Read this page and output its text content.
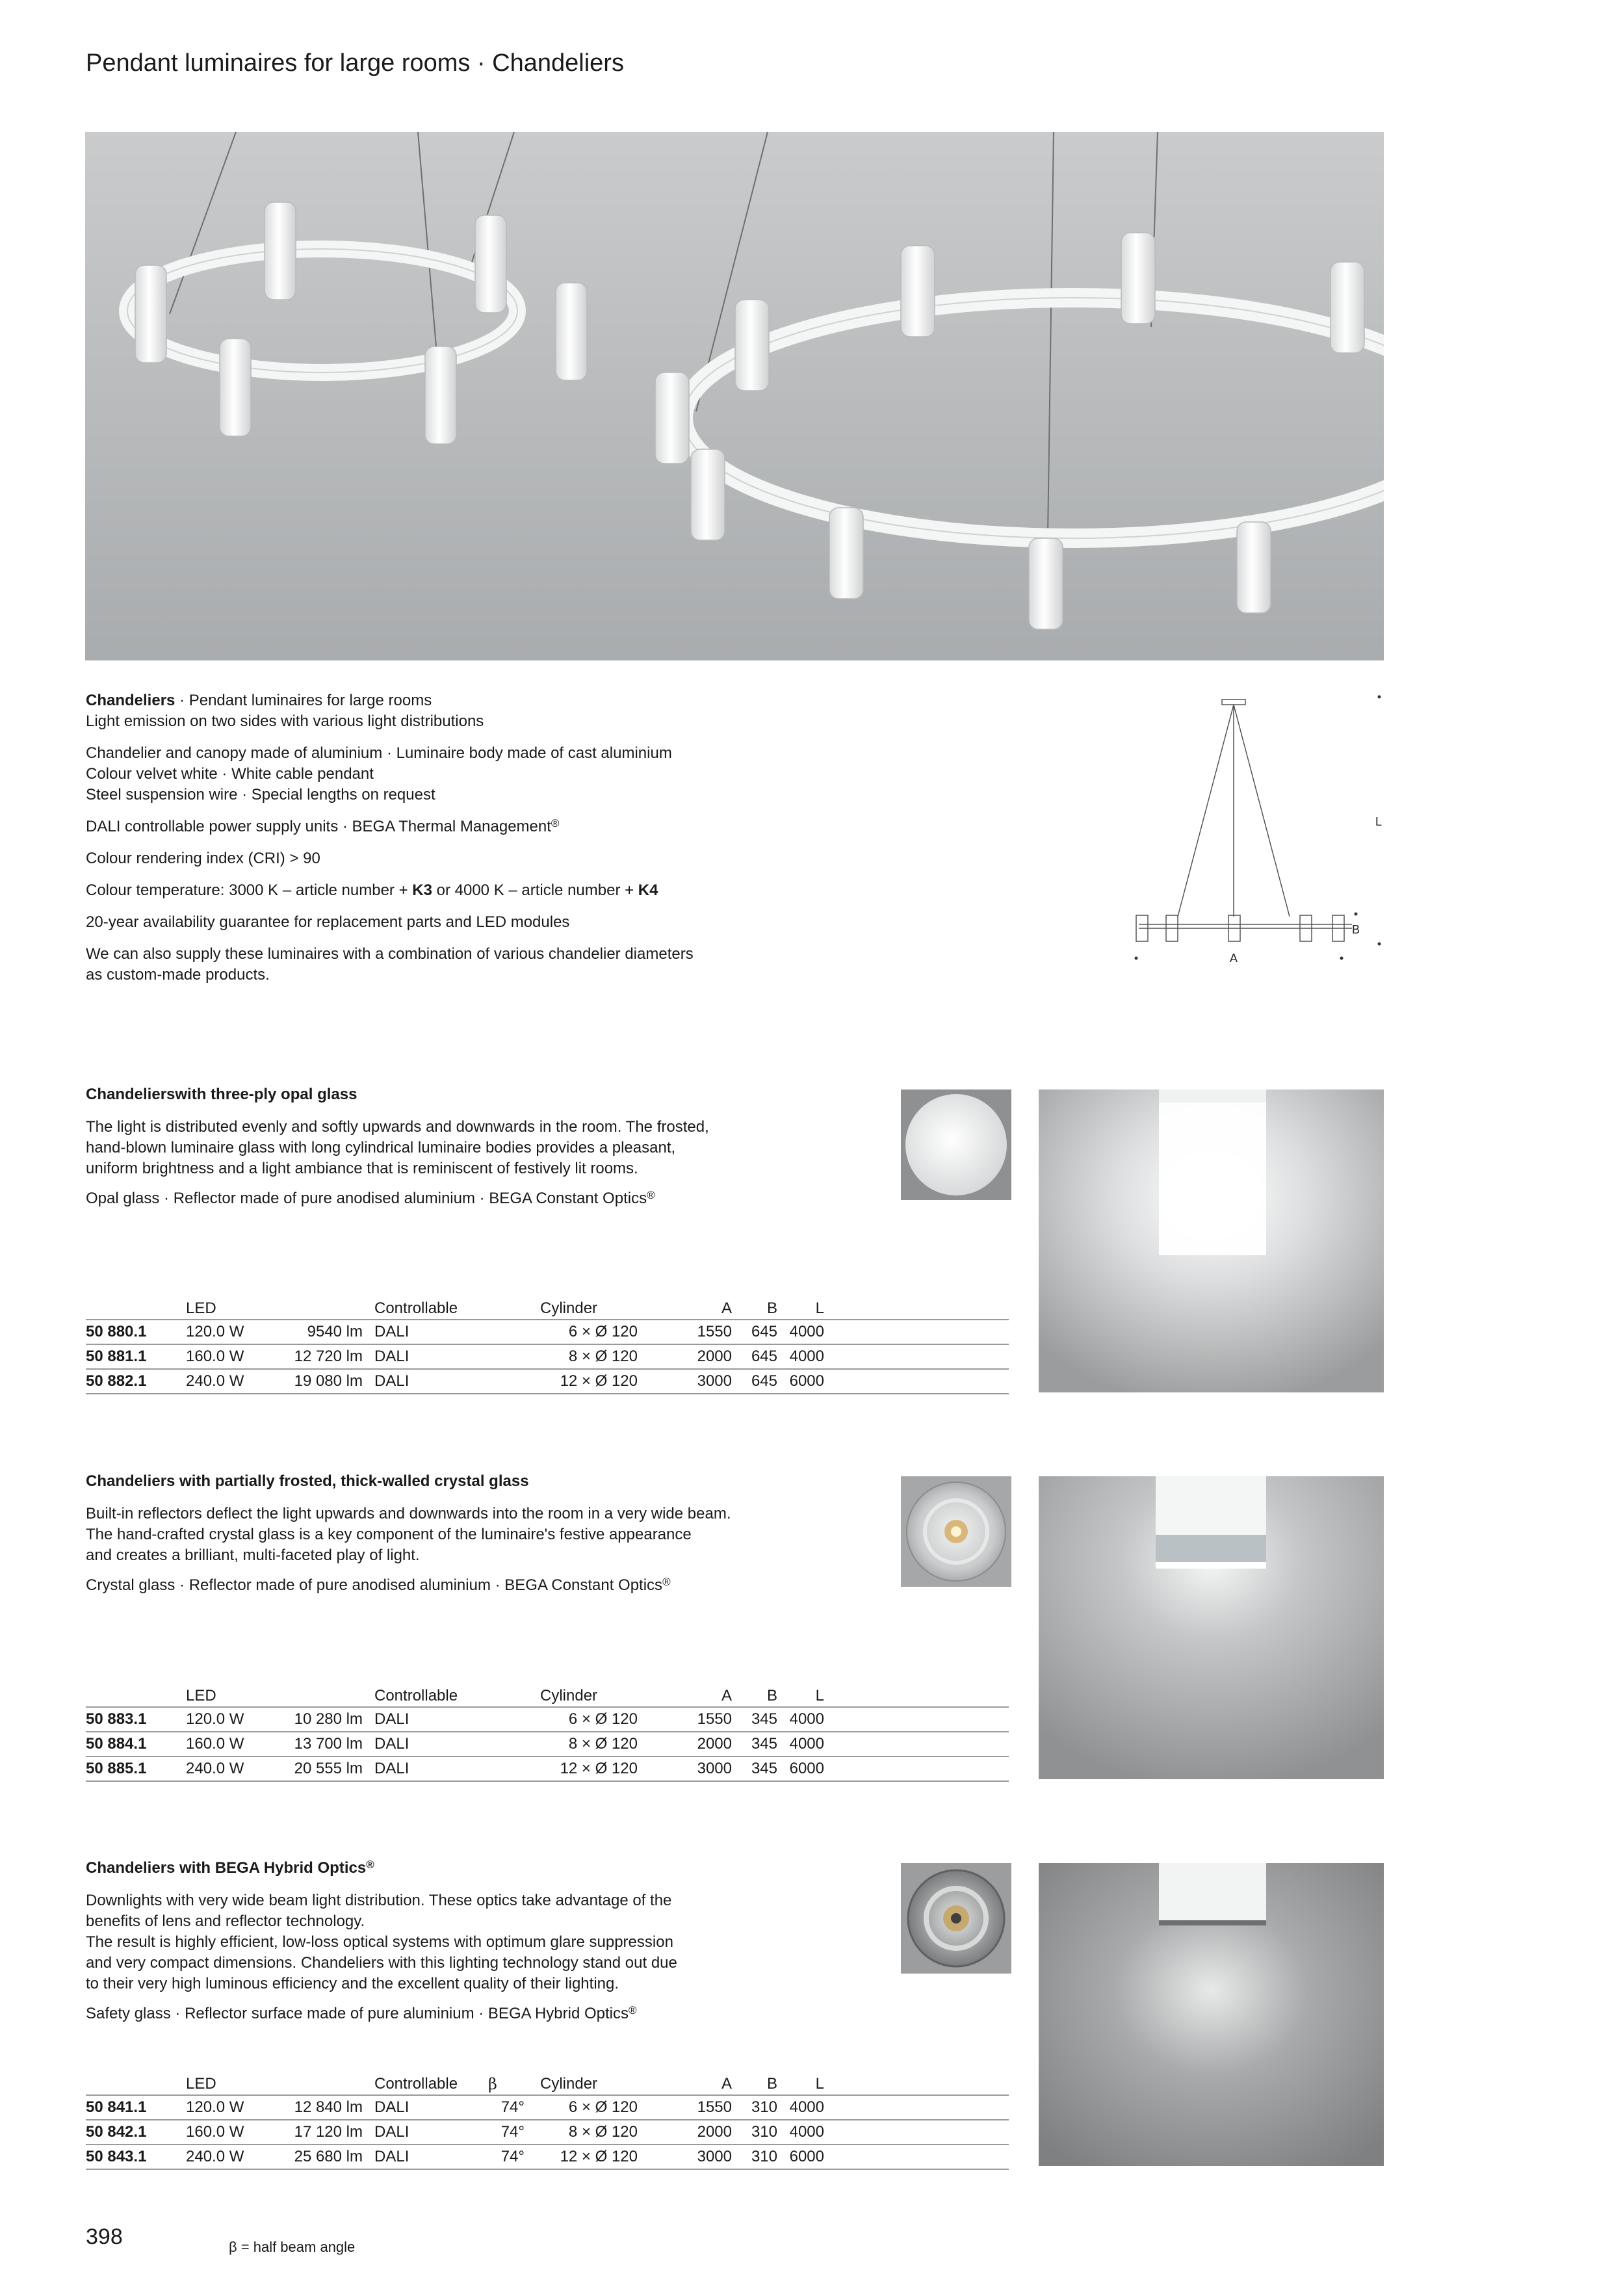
Pendant luminaires for large rooms · Chandeliers

Chandeliers · Pendant luminaires for large rooms
Light emission on two sides with various light distributions

Chandelier and canopy made of aluminium · Luminaire body made of cast aluminium
Colour velvet white · White cable pendant
Steel suspension wire · Special lengths on request

DALI controllable power supply units · BEGA Thermal Management®

Colour rendering index (CRI) > 90

Colour temperature: 3000 K – article number + K3 or 4000 K – article number + K4

20-year availability guarantee for replacement parts and LED modules

We can also supply these luminaires with a combination of various chandelier diameters
as custom-made products.

L
B
A
Chandelierswith three-ply opal glass

The light is distributed evenly and softly upwards and downwards in the room. The frosted,
hand-blown luminaire glass with long cylindrical luminaire bodies provides a pleasant,
uniform brightness and a light ambiance that is reminiscent of festively lit rooms.

Opal glass · Reflector made of pure anodised aluminium · BEGA Constant Optics®

	LED		Controllable		Cylinder	A	B	L	
50 880.1	120.0 W	9540 lm	DALI		6 × Ø 120	1550	645	4000	
50 881.1	160.0 W	12 720 lm	DALI		8 × Ø 120	2000	645	4000	
50 882.1	240.0 W	19 080 lm	DALI		12 × Ø 120	3000	645	6000	
Chandeliers with partially frosted, thick-walled crystal glass

Built-in reflectors deflect the light upwards and downwards into the room in a very wide beam.
The hand-crafted crystal glass is a key component of the luminaire's festive appearance
and creates a brilliant, multi-faceted play of light.

Crystal glass · Reflector made of pure anodised aluminium · BEGA Constant Optics®

	LED		Controllable		Cylinder	A	B	L	
50 883.1	120.0 W	10 280 lm	DALI		6 × Ø 120	1550	345	4000	
50 884.1	160.0 W	13 700 lm	DALI		8 × Ø 120	2000	345	4000	
50 885.1	240.0 W	20 555 lm	DALI		12 × Ø 120	3000	345	6000	
Chandeliers with BEGA Hybrid Optics®

Downlights with very wide beam light distribution. These optics take advantage of the
benefits of lens and reflector technology.
The result is highly efficient, low-loss optical systems with optimum glare suppression
and very compact dimensions. Chandeliers with this lighting technology stand out due
to their very high luminous efficiency and the excellent quality of their lighting.

Safety glass · Reflector surface made of pure aluminium · BEGA Hybrid Optics®

	LED		Controllable	β	Cylinder	A	B	L	
50 841.1	120.0 W	12 840 lm	DALI	74°	6 × Ø 120	1550	310	4000	
50 842.1	160.0 W	17 120 lm	DALI	74°	8 × Ø 120	2000	310	4000	
50 843.1	240.0 W	25 680 lm	DALI	74°	12 × Ø 120	3000	310	6000	
398	β = half beam angle
